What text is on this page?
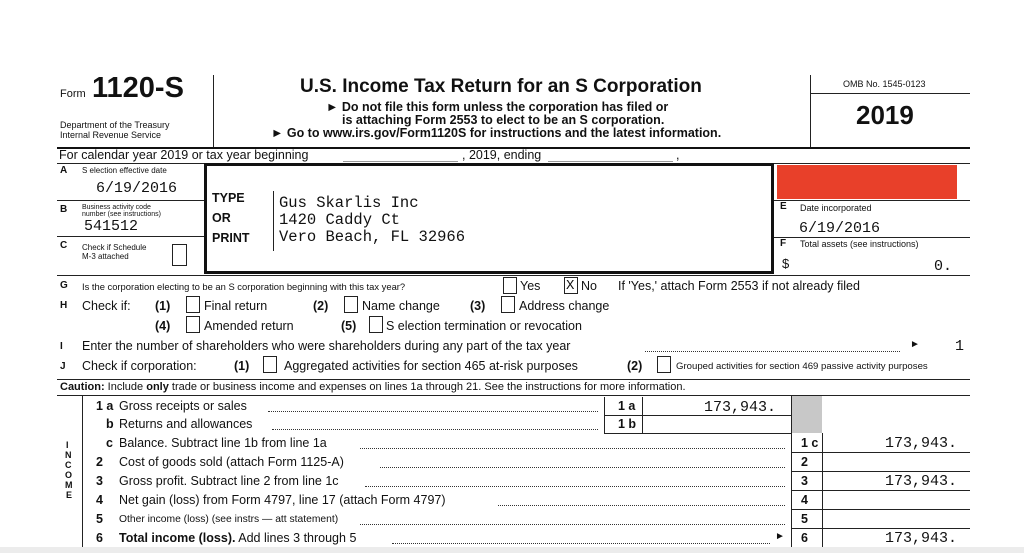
Form 1120-S
Department of the Treasury
Internal Revenue Service
U.S. Income Tax Return for an S Corporation
► Do not file this form unless the corporation has filed or
is attaching Form 2553 to elect to be an S corporation.
► Go to www.irs.gov/Form1120S for instructions and the latest information.
OMB No. 1545-0123
2019
For calendar year 2019 or tax year beginning	, 2019, ending	,
A S election effective date
6/19/2016
B Business activity code
number (see instructions)
541512
C Check if Schedule
M-3 attached
TYPE
OR
PRINT
Gus Skarlis Inc
1420 Caddy Ct
Vero Beach, FL 32966
E Date incorporated
6/19/2016
F Total assets (see instructions)
$	0.
G Is the corporation electing to be an S corporation beginning with this tax year?	Yes X No If 'Yes,' attach Form 2553 if not already filed
H Check if: (1)	Final return	(2)	Name change (3)	Address change
(4)	Amended return	(5) S election termination or revocation
I Enter the number of shareholders who were shareholders during any part of the tax year	► 1
J Check if corporation:	(1)	Aggregated activities for section 465 at-risk purposes	(2)	Grouped activities for section 469 passive activity purposes
Caution: Include only trade or business income and expenses on lines 1a through 21. See the instructions for more information.
I
N
C
O
M
E
1 a Gross receipts or sales	1 a	173,943.
b Returns and allowances	1 b
c Balance. Subtract line 1b from line 1a	1 c	173,943.
2 Cost of goods sold (attach Form 1125-A)	2
3 Gross profit. Subtract line 2 from line 1c	3	173,943.
4 Net gain (loss) from Form 4797, line 17 (attach Form 4797)	4
5 Other income (loss) (see instrs — att statement)	5
6 Total income (loss). Add lines 3 through 5	► 6	173,943.
